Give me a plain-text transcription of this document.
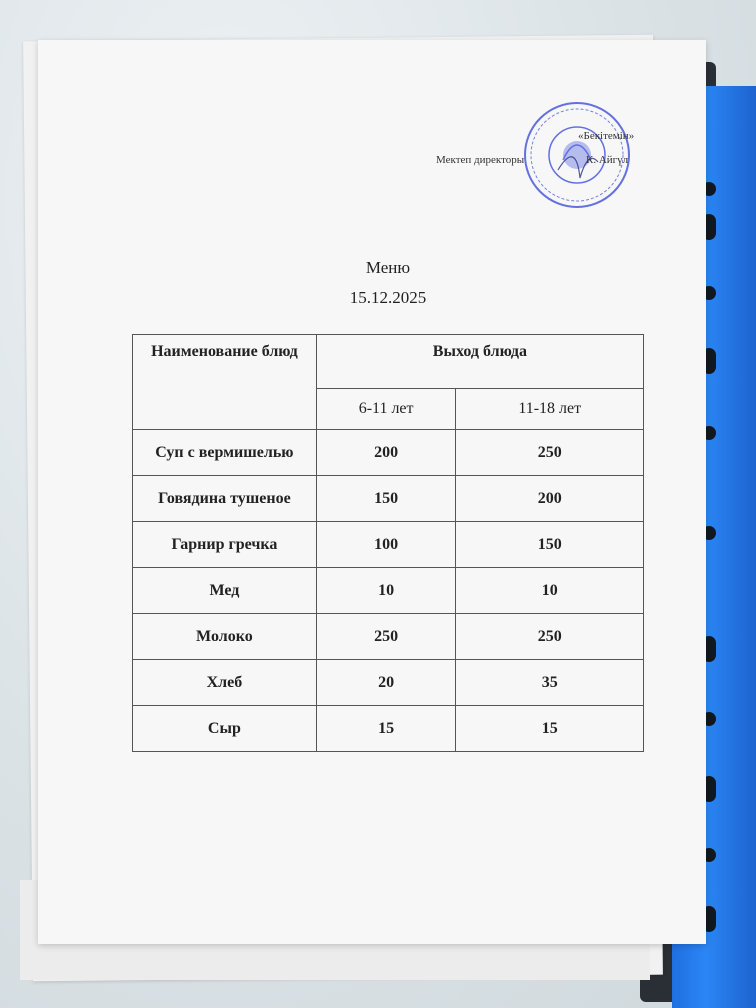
«Бекітемін»
Мектеп директоры	К. Айгүл
Меню
15.12.2025
Наименование блюд	Выход блюда	
	6-11 лет	11-18 лет
Суп с вермишелью	200	250
Говядина тушеное	150	200
Гарнир гречка	100	150
Мед	10	10
Молоко	250	250
Хлеб	20	35
Сыр	15	15
